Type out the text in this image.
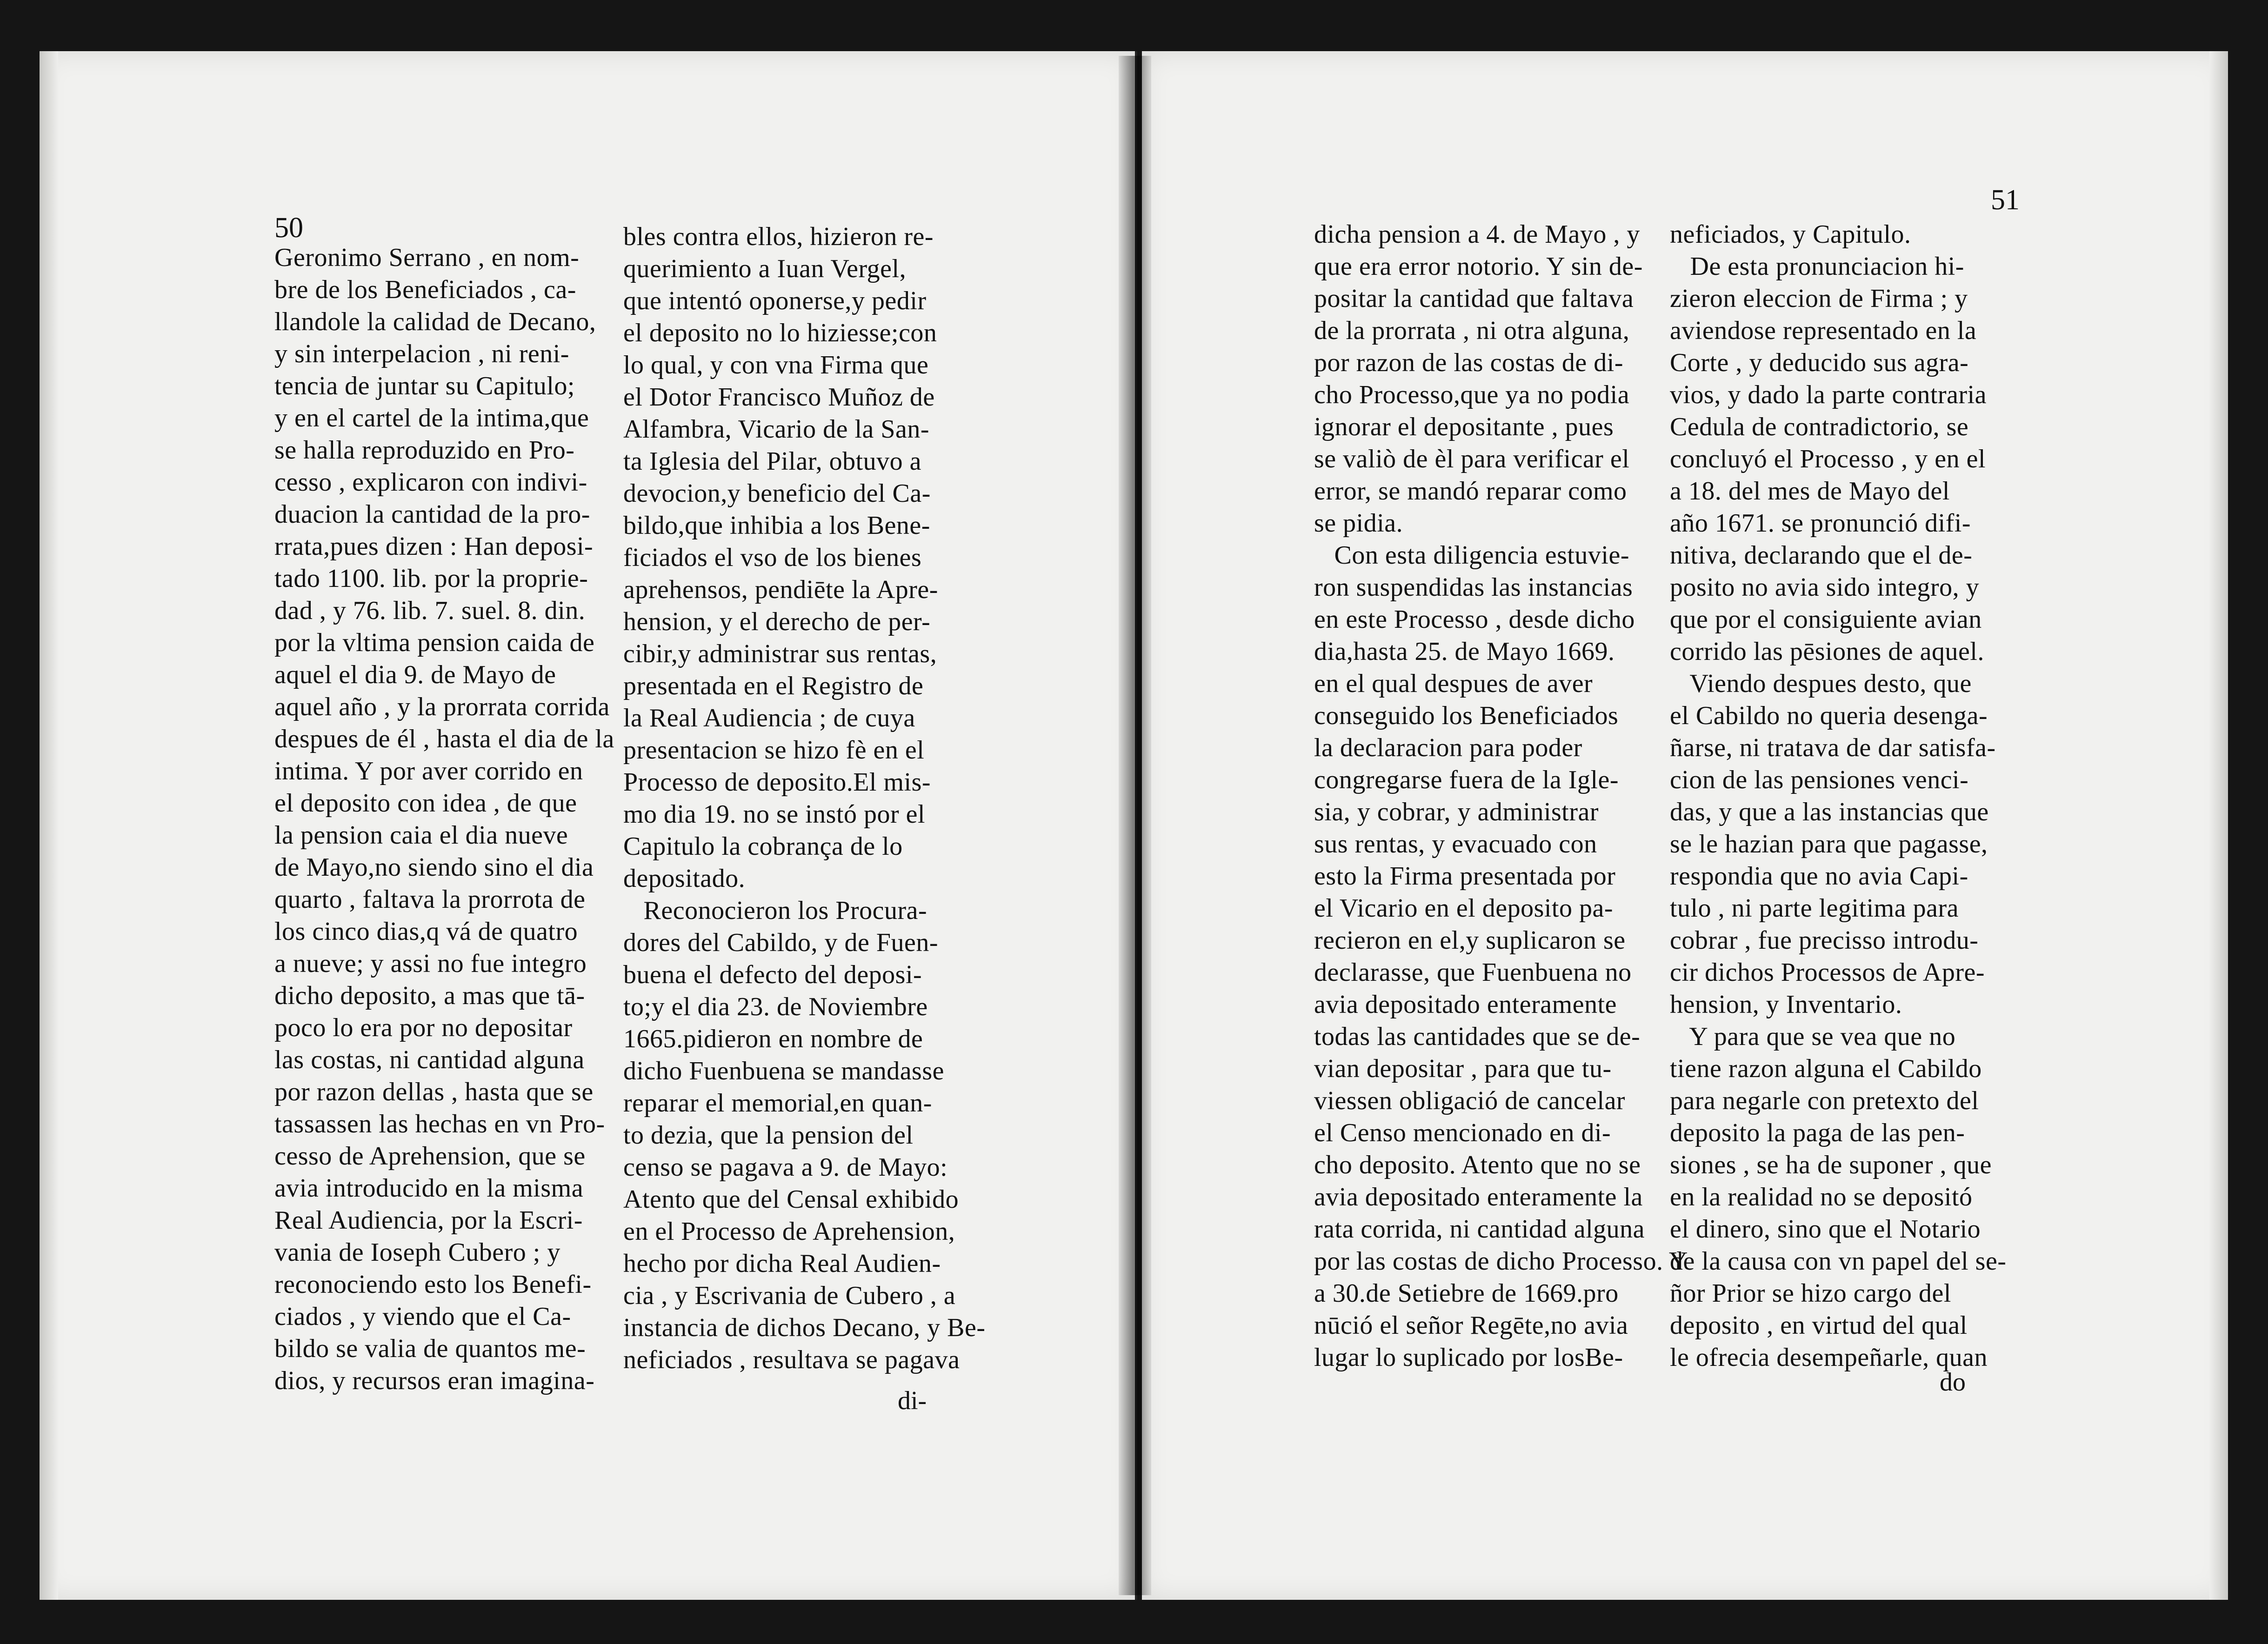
50
Geronimo Serrano , en nom-
bre de los Beneficiados , ca-
llandole la calidad de Decano,
y sin interpelacion , ni reni-
tencia de juntar su Capitulo;
y en el cartel de la intima,que
se halla reproduzido en Pro-
cesso , explicaron con indivi-
duacion la cantidad de la pro-
rrata,pues dizen : Han deposi-
tado 1100. lib. por la proprie-
dad , y 76. lib. 7. suel. 8. din.
por la vltima pension caida de
aquel el dia 9. de Mayo de
aquel año , y la prorrata corrida
despues de él , hasta el dia de la
intima. Y por aver corrido en
el deposito con idea , de que
la pension caia el dia nueve
de Mayo,no siendo sino el dia
quarto , faltava la prorrota de
los cinco dias,q vá de quatro
a nueve; y assi no fue integro
dicho deposito, a mas que tā-
poco lo era por no depositar
las costas, ni cantidad alguna
por razon dellas , hasta que se
tassassen las hechas en vn Pro-
cesso de Aprehension, que se
avia introducido en la misma
Real Audiencia, por la Escri-
vania de Ioseph Cubero ; y
reconociendo esto los Benefi-
ciados , y viendo que el Ca-
bildo se valia de quantos me-
dios, y recursos eran imagina-
bles contra ellos, hizieron re-
querimiento a Iuan Vergel,
que intentó oponerse,y pedir
el deposito no lo hiziesse;con
lo qual, y con vna Firma que
el Dotor Francisco Muñoz de
Alfambra, Vicario de la San-
ta Iglesia del Pilar, obtuvo a
devocion,y beneficio del Ca-
bildo,que inhibia a los Bene-
ficiados el vso de los bienes
aprehensos, pendiēte la Apre-
hension, y el derecho de per-
cibir,y administrar sus rentas,
presentada en el Registro de
la Real Audiencia ; de cuya
presentacion se hizo fè en el
Processo de deposito.El mis-
mo dia 19. no se instó por el
Capitulo la cobrança de lo
depositado.
Reconocieron los Procura-
dores del Cabildo, y de Fuen-
buena el defecto del deposi-
to;y el dia 23. de Noviembre
1665.pidieron en nombre de
dicho Fuenbuena se mandasse
reparar el memorial,en quan-
to dezia, que la pension del
censo se pagava a 9. de Mayo:
Atento que del Censal exhibido
en el Processo de Aprehension,
hecho por dicha Real Audien-
cia , y Escrivania de Cubero , a
instancia de dichos Decano, y Be-
neficiados , resultava se pagava
di-
51
dicha pension a 4. de Mayo , y
que era error notorio. Y sin de-
positar la cantidad que faltava
de la prorrata , ni otra alguna,
por razon de las costas de di-
cho Processo,que ya no podia
ignorar el depositante , pues
se valiò de èl para verificar el
error, se mandó reparar como
se pidia.
Con esta diligencia estuvie-
ron suspendidas las instancias
en este Processo , desde dicho
dia,hasta 25. de Mayo 1669.
en el qual despues de aver
conseguido los Beneficiados
la declaracion para poder
congregarse fuera de la Igle-
sia, y cobrar, y administrar
sus rentas, y evacuado con
esto la Firma presentada por
el Vicario en el deposito pa-
recieron en el,y suplicaron se
declarasse, que Fuenbuena no
avia depositado enteramente
todas las cantidades que se de-
vian depositar , para que tu-
viessen obligació de cancelar
el Censo mencionado en di-
cho deposito. Atento que no se
avia depositado enteramente la
rata corrida, ni cantidad alguna
por las costas de dicho Processo. Y
a 30.de Setiebre de 1669.pro
nūció el señor Regēte,no avia
lugar lo suplicado por losBe-
neficiados, y Capitulo.
De esta pronunciacion hi-
zieron eleccion de Firma ; y
aviendose representado en la
Corte , y deducido sus agra-
vios, y dado la parte contraria
Cedula de contradictorio, se
concluyó el Processo , y en el
a 18. del mes de Mayo del
año 1671. se pronunció difi-
nitiva, declarando que el de-
posito no avia sido integro, y
que por el consiguiente avian
corrido las pēsiones de aquel.
Viendo despues desto, que
el Cabildo no queria desenga-
ñarse, ni tratava de dar satisfa-
cion de las pensiones venci-
das, y que a las instancias que
se le hazian para que pagasse,
respondia que no avia Capi-
tulo , ni parte legitima para
cobrar , fue precisso introdu-
cir dichos Processos de Apre-
hension, y Inventario.
Y para que se vea que no
tiene razon alguna el Cabildo
para negarle con pretexto del
deposito la paga de las pen-
siones , se ha de suponer , que
en la realidad no se depositó
el dinero, sino que el Notario
de la causa con vn papel del se-
ñor Prior se hizo cargo del
deposito , en virtud del qual
le ofrecia desempeñarle, quan
do
